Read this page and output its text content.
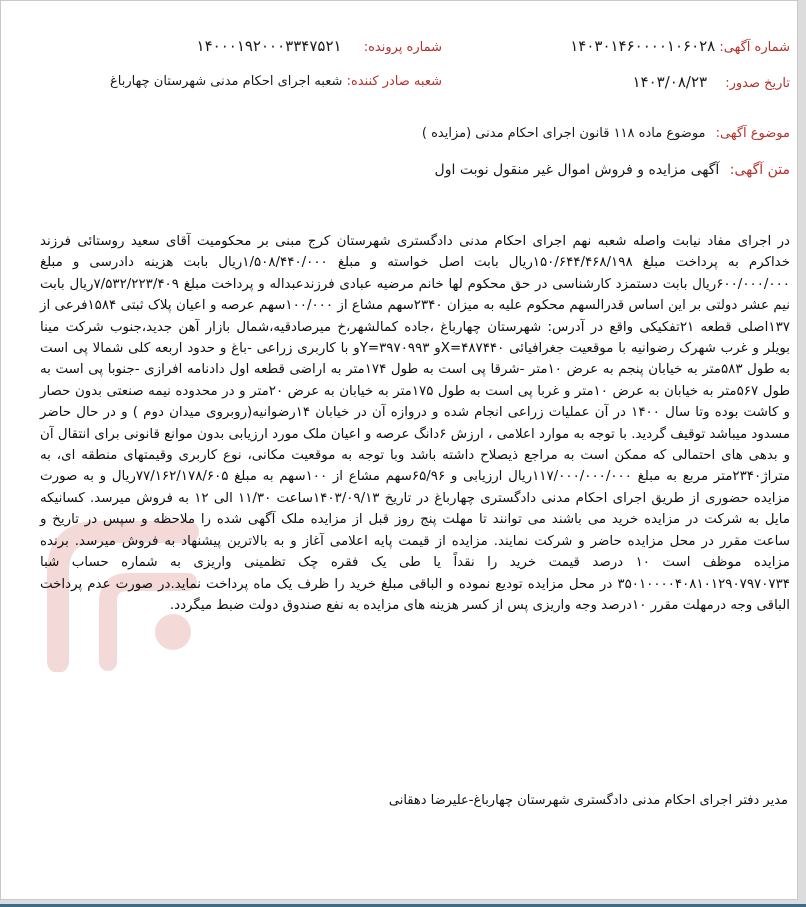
شماره آگهی: ۱۴۰۳۰۱۴۶۰۰۰۰۱۰۶۰۲۸
شماره پرونده: ۱۴۰۰۰۱۹۲۰۰۰۳۳۴۷۵۲۱
تاریخ صدور: ۱۴۰۳/۰۸/۲۳
شعبه صادر کننده: شعبه اجرای احکام مدنی شهرستان چهارباغ
موضوع آگهی: موضوع ماده ۱۱۸ قانون اجرای احکام مدنی (مزایده )
متن آگهی: آگهی مزایده و فروش اموال غیر منقول نوبت اول
در اجرای مفاد نیابت واصله شعبه نهم اجرای احکام مدنی دادگستری شهرستان کرج مبنی بر محکومیت آقای سعید روستائی فرزند خداکرم به پرداخت مبلغ ۱۵۰/۶۴۴/۴۶۸/۱۹۸ریال بابت اصل خواسته و مبلغ ۱/۵۰۸/۴۴۰/۰۰۰ریال بابت هزینه دادرسی و مبلغ ۶۰۰/۰۰۰/۰۰۰ریال بابت دستمزد کارشناسی در حق محکوم لها خانم مرضیه عبادی فرزندعبداله و پرداخت مبلغ ۷/۵۳۲/۲۲۳/۴۰۹ریال بابت نیم عشر دولتی بر این اساس قدرالسهم محکوم علیه به میزان ۲۳۴۰سهم مشاع از ۱۰۰/۰۰۰سهم عرصه و اعیان پلاک ثبتی ۱۵۸۴فرعی از ۱۳۷اصلی قطعه ۲۱تفکیکی واقع در آدرس: شهرستان چهارباغ ،جاده کمالشهر،خ میرصادقیه،شمال بازار آهن جدید،جنوب شرکت مینا بویلر و غرب شهرک رضوانیه با موقعیت جغرافیائی X=۴۸۷۴۴۰و Y=۳۹۷۰۹۹۳و با کاربری زراعی -باغ و حدود اربعه کلی شمالا پی است به طول ۵۸۳متر به خیابان پنجم به عرض ۱۰متر -شرقا پی است به طول ۱۷۴متر به اراضی قطعه اول دادنامه افرازی -جنوبا پی است به طول ۵۶۷متر به خیابان به عرض ۱۰متر و غربا پی است به طول ۱۷۵متر به خیابان به عرض ۲۰متر و در محدوده نیمه صنعتی بدون حصار و کاشت بوده وتا سال ۱۴۰۰ در آن عملیات زراعی انجام شده و دروازه آن در خیابان ۱۴رضوانیه(روبروی میدان دوم ) و در حال حاضر مسدود میباشد توقیف گردید. با توجه به موارد اعلامی ، ارزش ۶دانگ عرصه و اعیان ملک مورد ارزیابی بدون موانع قانونی برای انتقال آن و بدهی های احتمالی که ممکن است به مراجع ذیصلاح داشته باشد وبا توجه به موقعیت مکانی، نوع کاربری وقیمتهای منطقه ای، به متراژ۲۳۴۰متر مربع به مبلغ ۱۱۷/۰۰۰/۰۰۰/۰۰۰ریال ارزیابی و ۶۵/۹۶سهم مشاع از ۱۰۰سهم به مبلغ ۷۷/۱۶۲/۱۷۸/۶۰۵ریال و به صورت مزایده حضوری از طریق اجرای احکام مدنی دادگستری چهارباغ در تاریخ ۱۴۰۳/۰۹/۱۳ساعت ۱۱/۳۰ الی ۱۲ به فروش میرسد. کسانیکه مایل به شرکت در مزایده خرید می باشند می توانند تا مهلت پنج روز قبل از مزایده ملک آگهی شده را ملاحظه و سپس در تاریخ و ساعت مقرر در محل مزایده حاضر و شرکت نمایند. مزایده از قیمت پایه اعلامی آغاز و به بالاترین پیشنهاد به فروش میرسد. برنده مزایده موظف است ۱۰ درصد قیمت خرید را نقداً یا طی یک فقره چک تظمینی واریزی به شماره حساب شبا ۳۵۰۱۰۰۰۰۴۰۸۱۰۱۲۹۰۷۹۷۰۷۳۴ در محل مزایده تودیع نموده و الباقی مبلغ خرید را ظرف یک ماه پرداخت نماید.در صورت عدم پرداخت الباقی وجه درمهلت مقرر ۱۰درصد وجه واریزی پس از کسر هزینه های مزایده به نفع صندوق دولت ضبط میگردد.
مدیر دفتر اجرای احکام مدنی دادگستری شهرستان چهارباغ-علیرضا دهقانی
